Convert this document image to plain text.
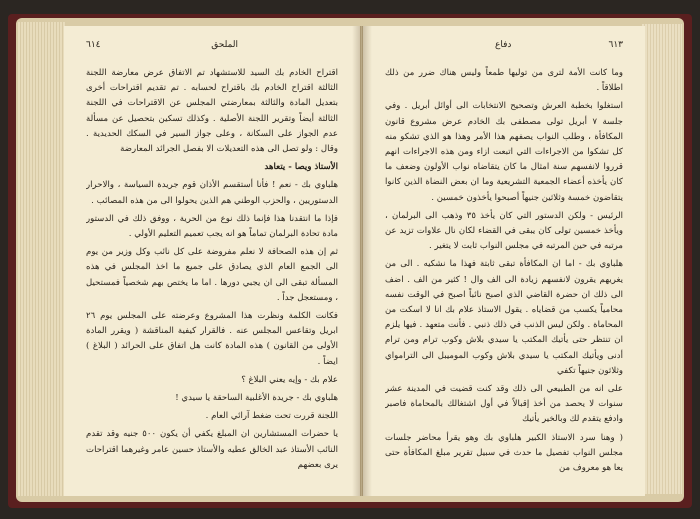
٦١٤	الملحق

اقتراح الخادم بك السيد للاستشهاد تم الاتفاق عرض معارضة اللجنة الثالثة اقتراح الخادم بك باقتراح لحسابه . تم تقديم اقتراحات أخرى بتعديل المادة والثالثة بمعارضتي المجلس عن الاقتراحات في اللجنة الثالثة أيضاً وتقرير اللجنة الأصلية . وكذلك تسكين بتحصيل عن مسألة عدم الجواز على السكانة ، وعلى جواز السير في السكك الحديدية . وقال : ولو تصل الى هذه التعديلات الا بفصل الجرائد المعارضة

الأستاذ ويصا - يتعاهد

هلباوي بك - نعم ! فأنا أستقسم الأذان قوم جريدة السياسة ، والاحرار الدستوريين ، والحزب الوطني هم الذين يحولوا الى من هذه المصائب .

فإذا ما انتقدنا هذا فإنما ذلك نوع من الحرية ، ووفق ذلك في الدستور مادة تحادة البرلمان تماماً هو انه يجب تعميم التعليم الأولي .

ثم إن هذه الصحافة لا نعلم مفروضة على كل نائب وكل وزير من يوم الى الجمع العام الذي يصادق على جميع ما اخذ المجلس في هذه المسألة تبقى الى ان يجبي دورها . اما ما يختص بهم شخصياً فمستحيل ، ومستعجل جداً .

فكانت الكلمة ونظرت هذا المشروع وعرضته على المجلس يوم ٢٦ ابريل وتقاعس المجلس عنه . فالقرار كيفية المناقشة ( ويقرر المادة الأولى من القانون ) هذه المادة كانت هل اتفاق على الحرائد ( البلاغ ) ايضاً .

علام بك - وإيه يعني البلاغ ؟

هلباوي بك - جريدة الأغلبية الساحقة يا سيدي !

اللجنة قررت تحت ضغط آرائي العام .

يا حضرات المستشارين ان المبلغ يكفي أن يكون ٥٠٠ جنيه وقد تقدم النائب الأستاذ عبد الخالق عطيه والأستاذ حسين عامر وغيرهما اقتراحات يرى بعضهم

٦١٣
دفاع

وما كانت الأمة لترى من توليها طمعاً وليس هناك ضرر من ذلك اطلاقاً .

استغلوا بخطبة العرش وتصحيح الانتخابات الى أوائل أبريل . وفي جلسة ٧ أبريل تولى مصطفى بك الخادم عرض مشروع قانون المكافأة ، وطلب النواب يصفهم هذا الأمر وهذا هو الذي تشكو منه كل تشكوا من الاجراءات التي اتبعت ازاء ومن هذه الاجراءات انهم قرروا لانفسهم سنة امثال ما كان يتقاضاه نواب الأولون وضعف ما كان يأخذه أعضاء الجمعية التشريعية وما ان بعض النضاة الذين كانوا يتقاضون خمسة وثلاثين جنيهاً أصبحوا يأخذون خمسين .

الرئيس - ولكن الدستور التي كان يأخذ ٣٥ وذهب الى البرلمان ، ويأخذ خمسين تولى كان يبقى في القضاء لكان نال علاوات تزيد عن مرتبه في حين المرتبه في مجلس النواب ثابت لا يتغير .

هلباوي بك - اما ان المكافأة تبقى ثابتة فهذا ما نشكيه . الى من يغريهم يقرون لانفسهم زيادة الى الف وال ! كثير من الف . اضف الى ذلك ان حضرة القاضي الذي اصبح نائباً اصبح في الوقت نفسه محامياً يكسب من قضاياه . يقول الاستاذ علام بك انا لا اسكت من المحاماة . ولكن ليس الذنب في ذلك ذنبي . فأنت متعهد . فيها يلزم ان تنتظر حتى يأتيك المكتب يا سيدي بلاش وكوب ترام ومن ترام أدنى ويأتيك المكتب يا سيدي بلاش وكوب الموميبل الى الترامواي وثلاثون جنيهاً تكفي

على انه من الطبيعي الى ذلك وقد كنت قضيت في المدينة عشر سنوات لا يحصد من أخذ إقبالاً في أول اشتغالك بالمحاماة فاصبر وادفع يتقدم لك وبالخير يأتيك

( وهنا سرد الاستاذ الكبير هلباوي بك وهو يقرأ محاضر جلسات مجلس النواب تفصيل ما حدث في سبيل تقرير مبلغ المكافأة حتى يعا هو معروف من
